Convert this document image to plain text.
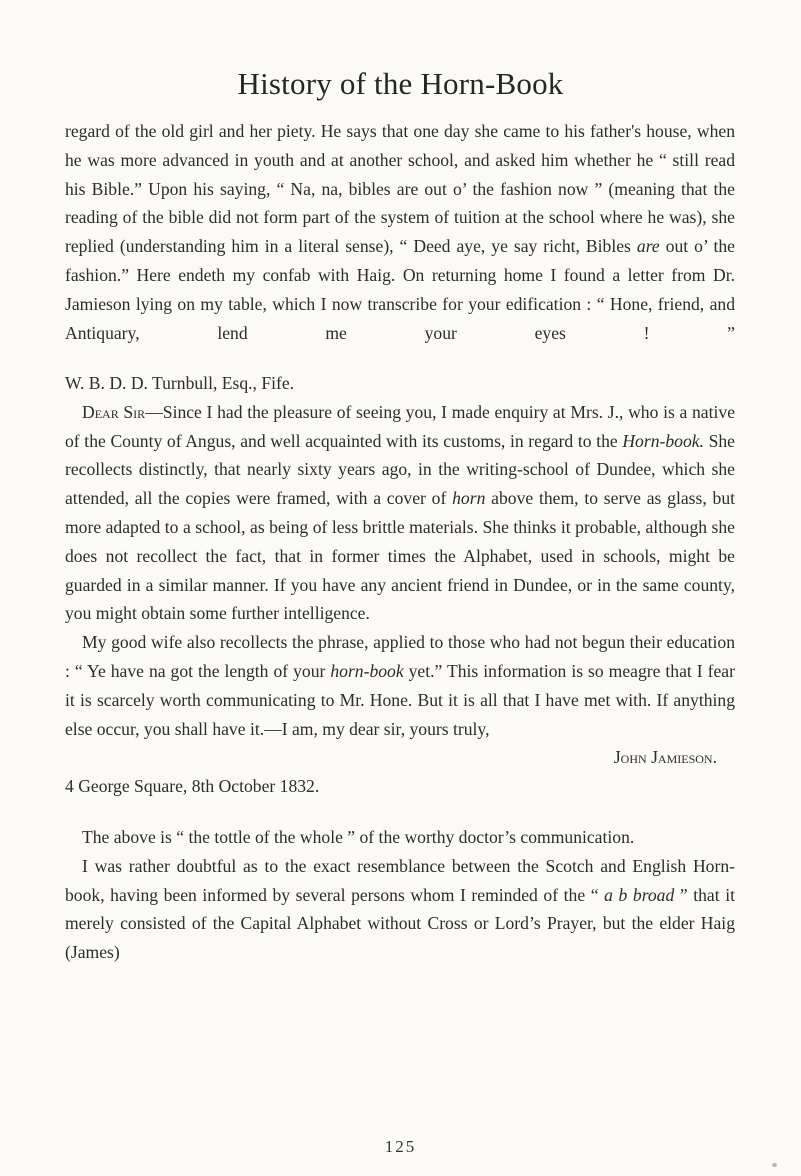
History of the Horn-Book

regard of the old girl and her piety. He says that one day she came to his father's house, when he was more advanced in youth and at another school, and asked him whether he “ still read his Bible.” Upon his saying, “ Na, na, bibles are out o’ the fashion now ” (meaning that the reading of the bible did not form part of the system of tuition at the school where he was), she replied (understanding him in a literal sense), “ Deed aye, ye say richt, Bibles are out o’ the fashion.” Here endeth my confab with Haig. On returning home I found a letter from Dr. Jamieson lying on my table, which I now transcribe for your edification : “ Hone, friend, and Antiquary, lend me your eyes ! ”

W. B. D. D. Turnbull, Esq., Fife.

Dear Sir—Since I had the pleasure of seeing you, I made enquiry at Mrs. J., who is a native of the County of Angus, and well acquainted with its customs, in regard to the Horn-book. She recollects distinctly, that nearly sixty years ago, in the writing-school of Dundee, which she attended, all the copies were framed, with a cover of horn above them, to serve as glass, but more adapted to a school, as being of less brittle materials. She thinks it probable, although she does not recollect the fact, that in former times the Alphabet, used in schools, might be guarded in a similar manner. If you have any ancient friend in Dundee, or in the same county, you might obtain some further intelligence.

My good wife also recollects the phrase, applied to those who had not begun their education : “ Ye have na got the length of your horn-book yet.” This information is so meagre that I fear it is scarcely worth communicating to Mr. Hone. But it is all that I have met with. If anything else occur, you shall have it.—I am, my dear sir, yours truly,

John Jamieson.

4 George Square, 8th October 1832.

The above is “ the tottle of the whole ” of the worthy doctor’s communication.

I was rather doubtful as to the exact resemblance between the Scotch and English Horn-book, having been informed by several persons whom I reminded of the “ a b broad ” that it merely consisted of the Capital Alphabet without Cross or Lord’s Prayer, but the elder Haig (James)

125
